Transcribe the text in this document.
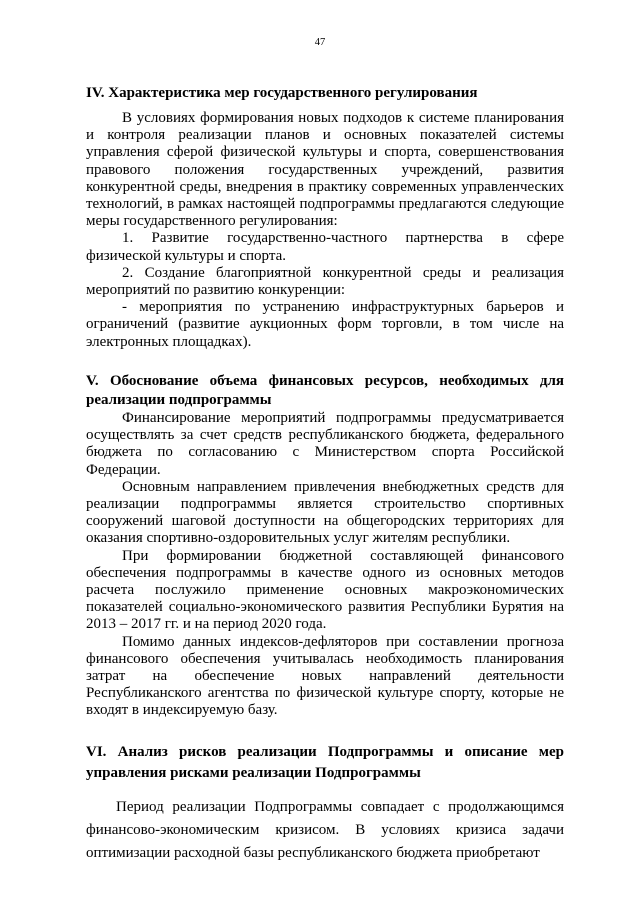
47
IV. Характеристика мер государственного регулирования

В условиях формирования новых подходов к системе планирования и контроля реализации планов и основных показателей системы управления сферой физической культуры и спорта, совершенствования правового положения государственных учреждений, развития конкурентной среды, внедрения в практику современных управленческих технологий, в рамках настоящей подпрограммы предлагаются следующие меры государственного регулирования:

1. Развитие государственно-частного партнерства в сфере физической культуры и спорта.

2. Создание благоприятной конкурентной среды и реализация мероприятий по развитию конкуренции:

- мероприятия по устранению инфраструктурных барьеров и ограничений (развитие аукционных форм торговли, в том числе на электронных площадках).

V. Обоснование объема финансовых ресурсов, необходимых для реализации подпрограммы

Финансирование мероприятий подпрограммы предусматривается осуществлять за счет средств республиканского бюджета, федерального бюджета по согласованию с Министерством спорта Российской Федерации.

Основным направлением привлечения внебюджетных средств для реализации подпрограммы является строительство спортивных сооружений шаговой доступности на общегородских территориях для оказания спортивно-оздоровительных услуг жителям республики.

При формировании бюджетной составляющей финансового обеспечения подпрограммы в качестве одного из основных методов расчета послужило применение основных макроэкономических показателей социально-экономического развития Республики Бурятия на 2013 – 2017 гг. и на период 2020 года.

Помимо данных индексов-дефляторов при составлении прогноза финансового обеспечения учитывалась необходимость планирования затрат на обеспечение новых направлений деятельности Республиканского агентства по физической культуре спорту, которые не входят в индексируемую базу.

VI. Анализ рисков реализации Подпрограммы и описание мер управления рисками реализации Подпрограммы

Период реализации Подпрограммы совпадает с продолжающимся финансово-экономическим кризисом. В условиях кризиса задачи оптимизации расходной базы республиканского бюджета приобретают
